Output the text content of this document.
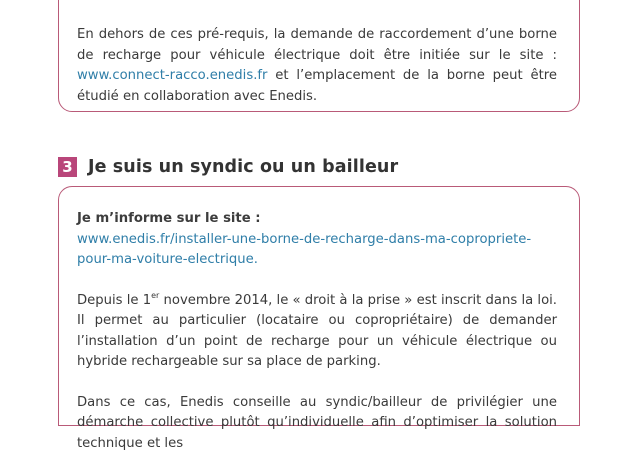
En dehors de ces pré-requis, la demande de raccordement d’une borne de recharge pour véhicule électrique doit être initiée sur le site : www.connect-racco.enedis.fr et l’emplacement de la borne peut être étudié en collaboration avec Enedis.

3 Je suis un syndic ou un bailleur

Je m’informe sur le site :
www.enedis.fr/installer-une-borne-de-recharge-dans-ma-copropriete-pour-ma-voiture-electrique.

Depuis le 1er novembre 2014, le « droit à la prise » est inscrit dans la loi. Il permet au particulier (locataire ou copropriétaire) de demander l’installation d’un point de recharge pour un véhicule électrique ou hybride rechargeable sur sa place de parking.

Dans ce cas, Enedis conseille au syndic/bailleur de privilégier une démarche collective plutôt qu’individuelle afin d’optimiser la solution technique et les
